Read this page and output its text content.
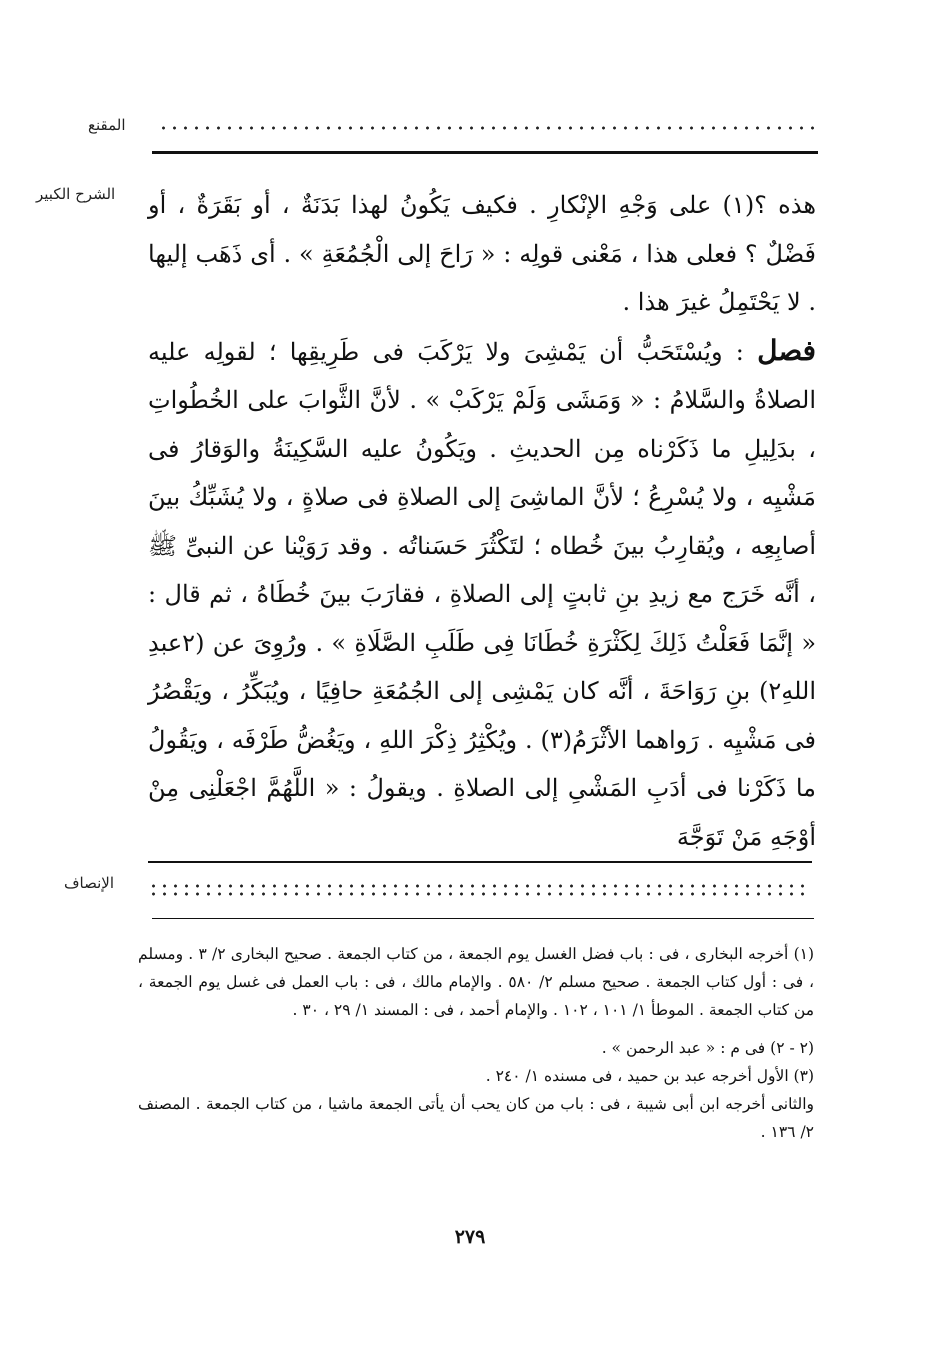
المقنع
الشرح الكبير هذه ؟(١) على وَجْهِ الإنْكارِ . فكيف يَكُونُ لهذا بَدَنَةٌ ، أو بَقَرَةٌ ، أو فَضْلٌ ؟ فعلى هذا ، مَعْنى قولِه : « رَاحَ إلى الْجُمُعَةِ » . أى ذَهَب إليها . لا يَحْتَمِلُ غيرَ هذا .

فصل : ويُسْتَحَبُّ أن يَمْشِىَ ولا يَرْكَبَ فى طَرِيقِها ؛ لقولِه عليه الصلاةُ والسَّلامُ : « وَمَشَى وَلَمْ يَرْكَبْ » . لأنَّ الثَّوابَ على الخُطُواتِ ، بدَلِيلِ ما ذَكَرْناه مِن الحديثِ . ويَكُونُ عليه السَّكِينَةُ والوَقارُ فى مَشْيِه ، ولا يُسْرِعُ ؛ لأنَّ الماشِىَ إلى الصلاةِ فى صلاةٍ ، ولا يُشَبِّكُ بينَ أصابِعِه ، ويُقارِبُ بينَ خُطاه ؛ لتَكْثُرَ حَسَناتُه . وقد رَوَيْنا عن النبىِّ ﷺ ، أنَّه خَرَج مع زيدِ بنِ ثابتٍ إلى الصلاةِ ، فقارَبَ بينَ خُطَاهُ ، ثم قال : « إنَّمَا فَعَلْتُ ذَلِكَ لِكَثْرَةِ خُطَانَا فِى طَلَبِ الصَّلَاةِ » . ورُوِىَ عن (٢عبدِ اللهِ٢) بنِ رَوَاحَةَ ، أنَّه كان يَمْشِى إلى الجُمُعَةِ حافِيًا ، ويُبَكِّرُ ، ويَقْصُرُ فى مَشْيِه . رَواهما الأثْرَمُ(٣) . ويُكْثِرُ ذِكْرَ اللهِ ، ويَغُضُّ طَرْفَه ، ويَقُولُ ما ذَكَرْنا فى أدَبِ المَشْىِ إلى الصلاةِ . ويقولُ : « اللَّهُمَّ اجْعَلْنِى مِنْ أوْجَهِ مَنْ تَوَجَّهَ

الإنصاف

(١) أخرجه البخارى ، فى : باب فضل الغسل يوم الجمعة ، من كتاب الجمعة . صحيح البخارى ٢/ ٣ . ومسلم ، فى : أول كتاب الجمعة . صحيح مسلم ٢/ ٥٨٠ . والإمام مالك ، فى : باب العمل فى غسل يوم الجمعة ، من كتاب الجمعة . الموطأ ١/ ١٠١ ، ١٠٢ . والإمام أحمد ، فى : المسند ١/ ٢٩ ، ٣٠ .

(٢ - ٢) فى م : « عبد الرحمن » .

(٣) الأول أخرجه عبد بن حميد ، فى مسنده ١/ ٢٤٠ .

والثانى أخرجه ابن أبى شيبة ، فى : باب من كان يحب أن يأتى الجمعة ماشيا ، من كتاب الجمعة . المصنف ٢/ ١٣٦ .

٢٧٩
